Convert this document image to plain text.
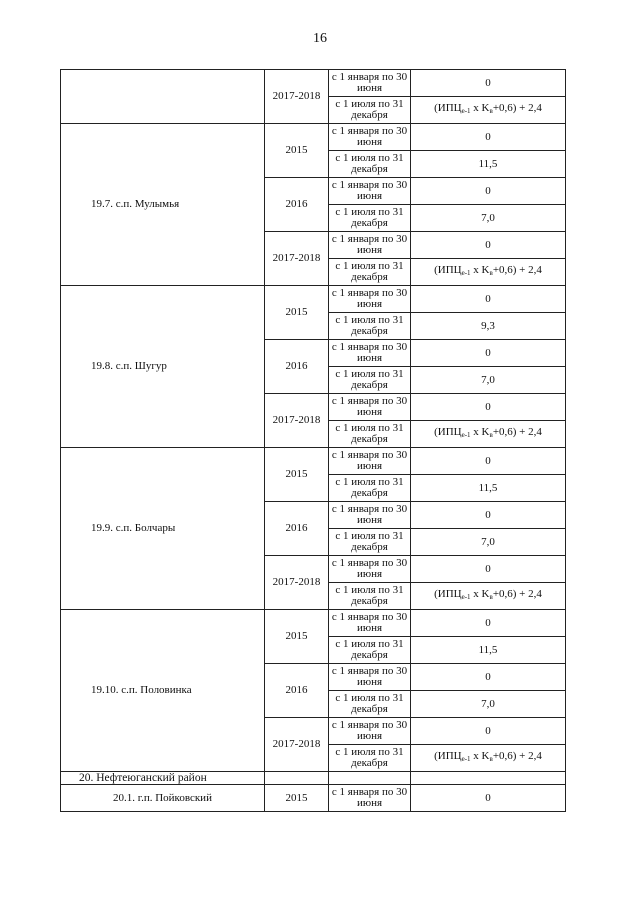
16
	2017-2018	с 1 января по 30 июня	0
		с 1 июля по 31 декабря	(ИПЦе-1 x Kв+0,6) + 2,4
19.7. с.п. Мулымья	2015	с 1 января по 30 июня	0
		с 1 июля по 31 декабря	11,5
	2016	с 1 января по 30 июня	0
		с 1 июля по 31 декабря	7,0
	2017-2018	с 1 января по 30 июня	0
		с 1 июля по 31 декабря	(ИПЦе-1 x Kв+0,6) + 2,4
19.8. с.п. Шугур	2015	с 1 января по 30 июня	0
		с 1 июля по 31 декабря	9,3
	2016	с 1 января по 30 июня	0
		с 1 июля по 31 декабря	7,0
	2017-2018	с 1 января по 30 июня	0
		с 1 июля по 31 декабря	(ИПЦе-1 x Kв+0,6) + 2,4
19.9. с.п. Болчары	2015	с 1 января по 30 июня	0
		с 1 июля по 31 декабря	11,5
	2016	с 1 января по 30 июня	0
		с 1 июля по 31 декабря	7,0
	2017-2018	с 1 января по 30 июня	0
		с 1 июля по 31 декабря	(ИПЦе-1 x Kв+0,6) + 2,4
19.10. с.п. Половинка	2015	с 1 января по 30 июня	0
		с 1 июля по 31 декабря	11,5
	2016	с 1 января по 30 июня	0
		с 1 июля по 31 декабря	7,0
	2017-2018	с 1 января по 30 июня	0
		с 1 июля по 31 декабря	(ИПЦе-1 x Kв+0,6) + 2,4
20. Нефтеюганский район			
20.1. г.п. Пойковский	2015	с 1 января по 30 июня	0
